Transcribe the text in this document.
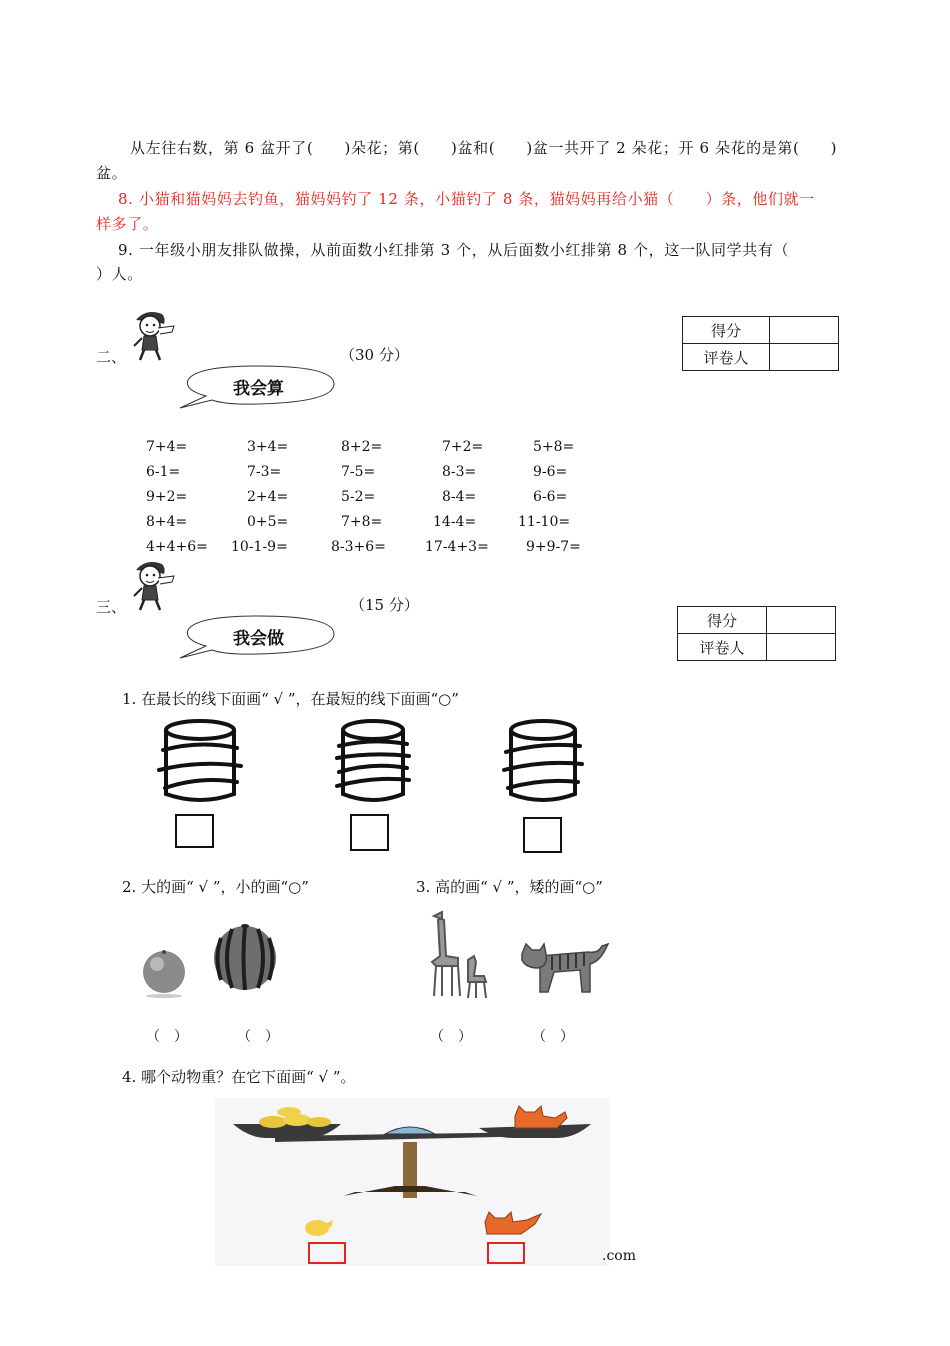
从左往右数，第 6 盆开了(　　)朵花；第(　　)盆和(　　)盆一共开了 2 朵花；开 6 朵花的是第(　　)
盆。
8. 小猫和猫妈妈去钓鱼，猫妈妈钓了 12 条，小猫钓了 8 条，猫妈妈再给小猫（　　）条，他们就一
样多了。
9. 一年级小朋友排队做操，从前面数小红排第 3 个，从后面数小红排第 8 个，这一队同学共有（
）人。
二、	（30 分）
我会算
得分	
评卷人	
7+4=	3+4=	8+2=	7+2=	5+8=
6-1=	7-3=	7-5=	8-3=	9-6=
9+2=	2+4=	5-2=	8-4=	6-6=
8+4=	0+5=	7+8=	14-4=	11-10=
4+4+6= 10-1-9=	8-3+6=	17-4+3=	9+9-7=
三、	（15 分）
我会做
得分	
评卷人	
1. 在最长的线下面画“ √ ”，在最短的线下面画“○”
2. 大的画“ √ ”，小的画“○”	3. 高的画“ √ ”，矮的画“○”
（　）	（　）	（　）	（　）
4. 哪个动物重？在它下面画“ √ ”。
.com
